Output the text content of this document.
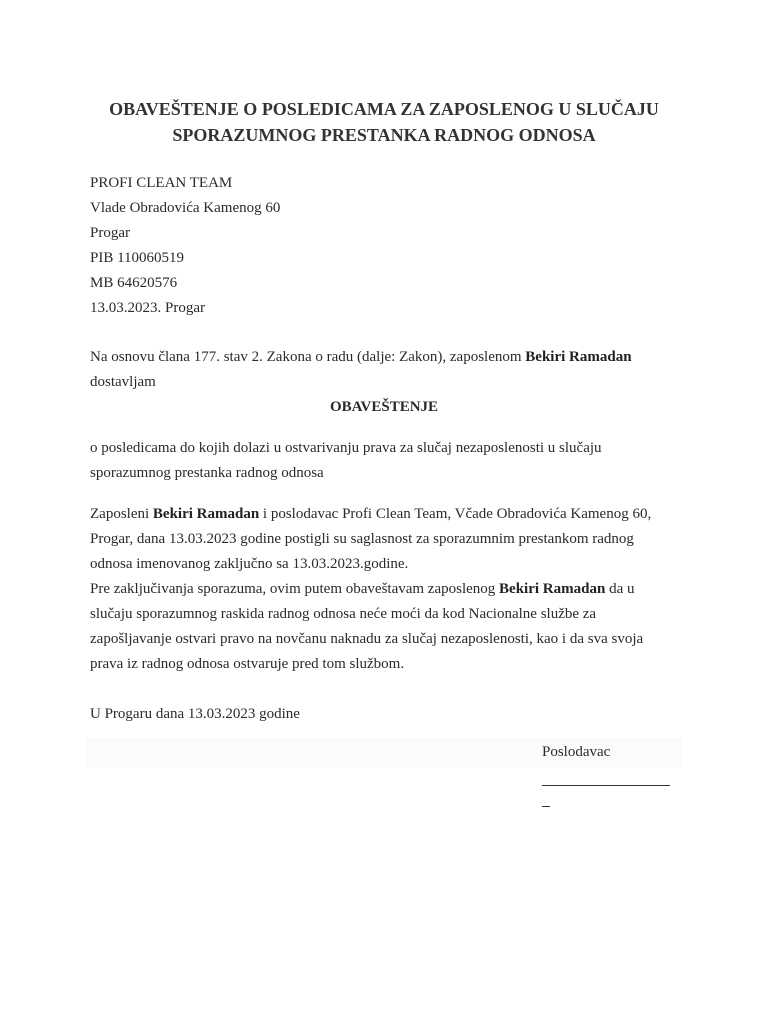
OBAVEŠTENJE O POSLEDICAMA ZA ZAPOSLENOG U SLUČAJU
SPORAZUMNOG PRESTANKA RADNOG ODNOSA
PROFI CLEAN TEAM
Vlade Obradovića Kamenog 60
Progar
PIB 110060519
MB 64620576
13.03.2023. Progar
Na osnovu člana 177. stav 2. Zakona o radu (dalje: Zakon), zaposlenom Bekiri Ramadan
dostavljam
OBAVEŠTENJE
o posledicama do kojih dolazi u ostvarivanju prava za slučaj nezaposlenosti u slučaju
sporazumnog prestanka radnog odnosa
Zaposleni Bekiri Ramadan i poslodavac Profi Clean Team, Včade Obradovića Kamenog 60,
Progar, dana 13.03.2023 godine postigli su saglasnost za sporazumnim prestankom radnog
odnosa imenovanog zaključno sa 13.03.2023.godine.
Pre zaključivanja sporazuma, ovim putem obaveštavam zaposlenog Bekiri Ramadan da u
slučaju sporazumnog raskida radnog odnosa neće moći da kod Nacionalne službe za
zapošljavanje ostvari pravo na novčanu naknadu za slučaj nezaposlenosti, kao i da sva svoja
prava iz radnog odnosa ostvaruje pred tom službom.
U Progaru dana 13.03.2023 godine
Poslodavac
